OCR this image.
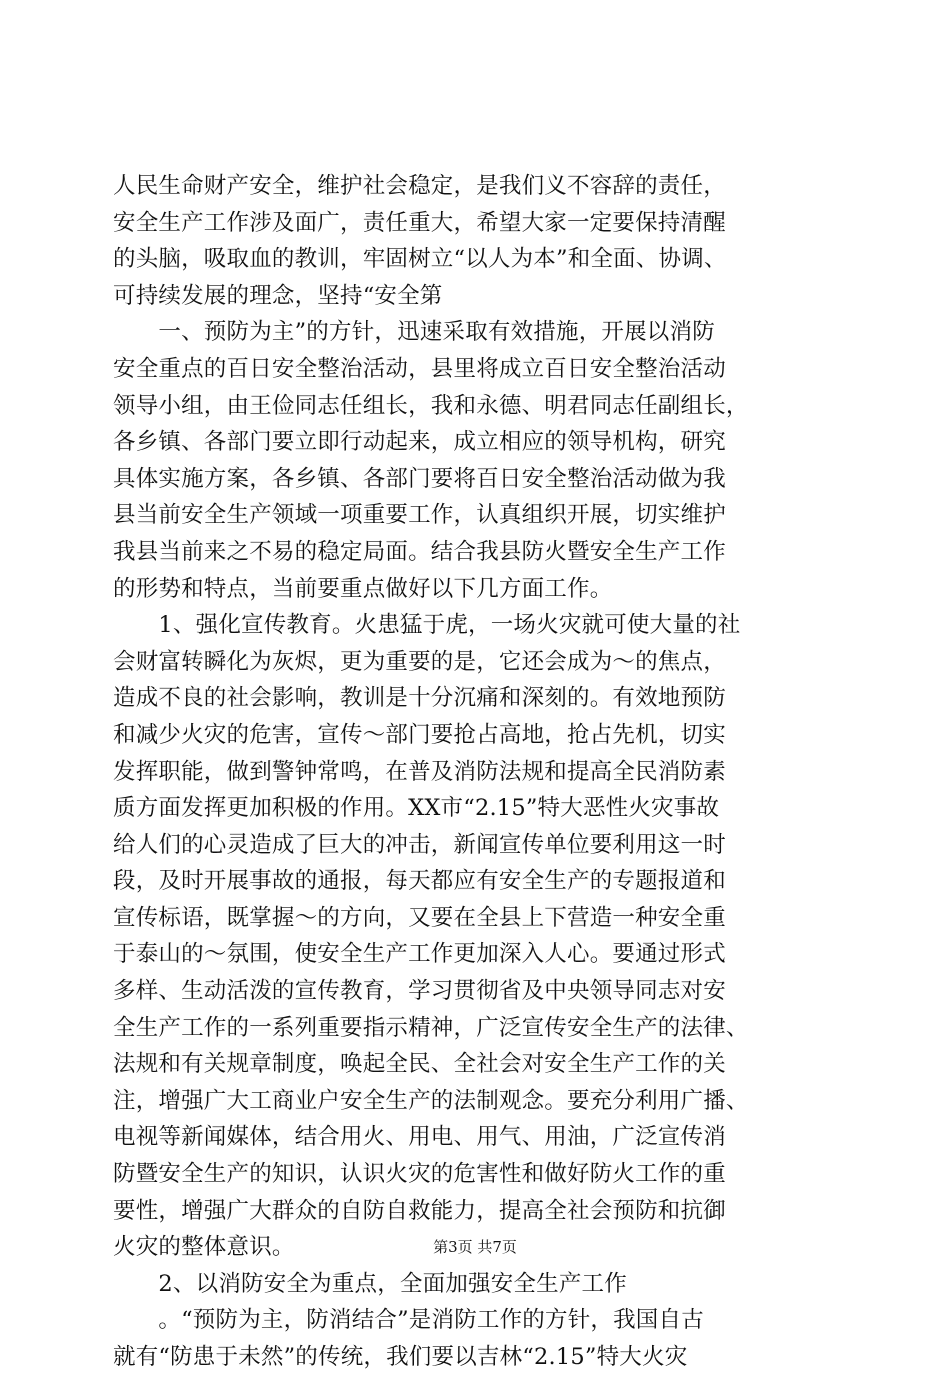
人民生命财产安全，维护社会稳定，是我们义不容辞的责任，
安全生产工作涉及面广，责任重大，希望大家一定要保持清醒
的头脑，吸取血的教训，牢固树立“以人为本”和全面、协调、
可持续发展的理念，坚持“安全第
　　一、预防为主”的方针，迅速采取有效措施，开展以消防
安全重点的百日安全整治活动，县里将成立百日安全整治活动
领导小组，由王俭同志任组长，我和永德、明君同志任副组长，
各乡镇、各部门要立即行动起来，成立相应的领导机构，研究
具体实施方案，各乡镇、各部门要将百日安全整治活动做为我
县当前安全生产领域一项重要工作，认真组织开展，切实维护
我县当前来之不易的稳定局面。结合我县防火暨安全生产工作
的形势和特点，当前要重点做好以下几方面工作。
　　1、强化宣传教育。火患猛于虎，一场火灾就可使大量的社
会财富转瞬化为灰烬，更为重要的是，它还会成为～的焦点，
造成不良的社会影响，教训是十分沉痛和深刻的。有效地预防
和减少火灾的危害，宣传～部门要抢占高地，抢占先机，切实
发挥职能，做到警钟常鸣，在普及消防法规和提高全民消防素
质方面发挥更加积极的作用。XX市“2.15”特大恶性火灾事故
给人们的心灵造成了巨大的冲击，新闻宣传单位要利用这一时
段，及时开展事故的通报，每天都应有安全生产的专题报道和
宣传标语，既掌握～的方向，又要在全县上下营造一种安全重
于泰山的～氛围，使安全生产工作更加深入人心。要通过形式
多样、生动活泼的宣传教育，学习贯彻省及中央领导同志对安
全生产工作的一系列重要指示精神，广泛宣传安全生产的法律、
法规和有关规章制度，唤起全民、全社会对安全生产工作的关
注，增强广大工商业户安全生产的法制观念。要充分利用广播、
电视等新闻媒体，结合用火、用电、用气、用油，广泛宣传消
防暨安全生产的知识，认识火灾的危害性和做好防火工作的重
要性，增强广大群众的自防自救能力，提高全社会预防和抗御
火灾的整体意识。
　　2、以消防安全为重点，全面加强安全生产工作
　　。“预防为主，防消结合”是消防工作的方针，我国自古
就有“防患于未然”的传统，我们要以吉林“2.15”特大火灾
第3页 共7页
